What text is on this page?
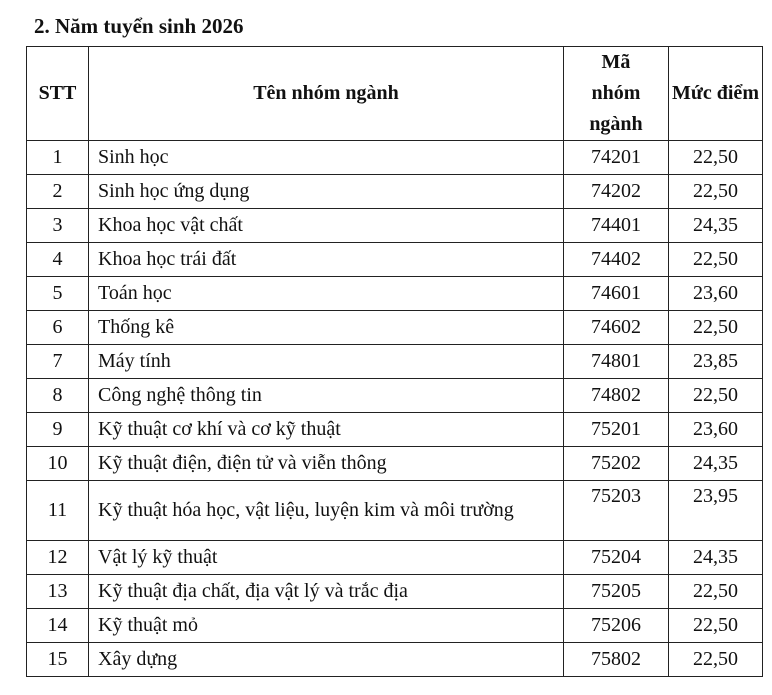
2. Năm tuyển sinh 2026
STT	Tên nhóm ngành	Mã nhóm ngành	Mức điểm
1	Sinh học	74201	22,50
2	Sinh học ứng dụng	74202	22,50
3	Khoa học vật chất	74401	24,35
4	Khoa học trái đất	74402	22,50
5	Toán học	74601	23,60
6	Thống kê	74602	22,50
7	Máy tính	74801	23,85
8	Công nghệ thông tin	74802	22,50
9	Kỹ thuật cơ khí và cơ kỹ thuật	75201	23,60
10	Kỹ thuật điện, điện tử và viễn thông	75202	24,35
11	Kỹ thuật hóa học, vật liệu, luyện kim và môi trường	75203	23,95
12	Vật lý kỹ thuật	75204	24,35
13	Kỹ thuật địa chất, địa vật lý và trắc địa	75205	22,50
14	Kỹ thuật mỏ	75206	22,50
15	Xây dựng	75802	22,50
